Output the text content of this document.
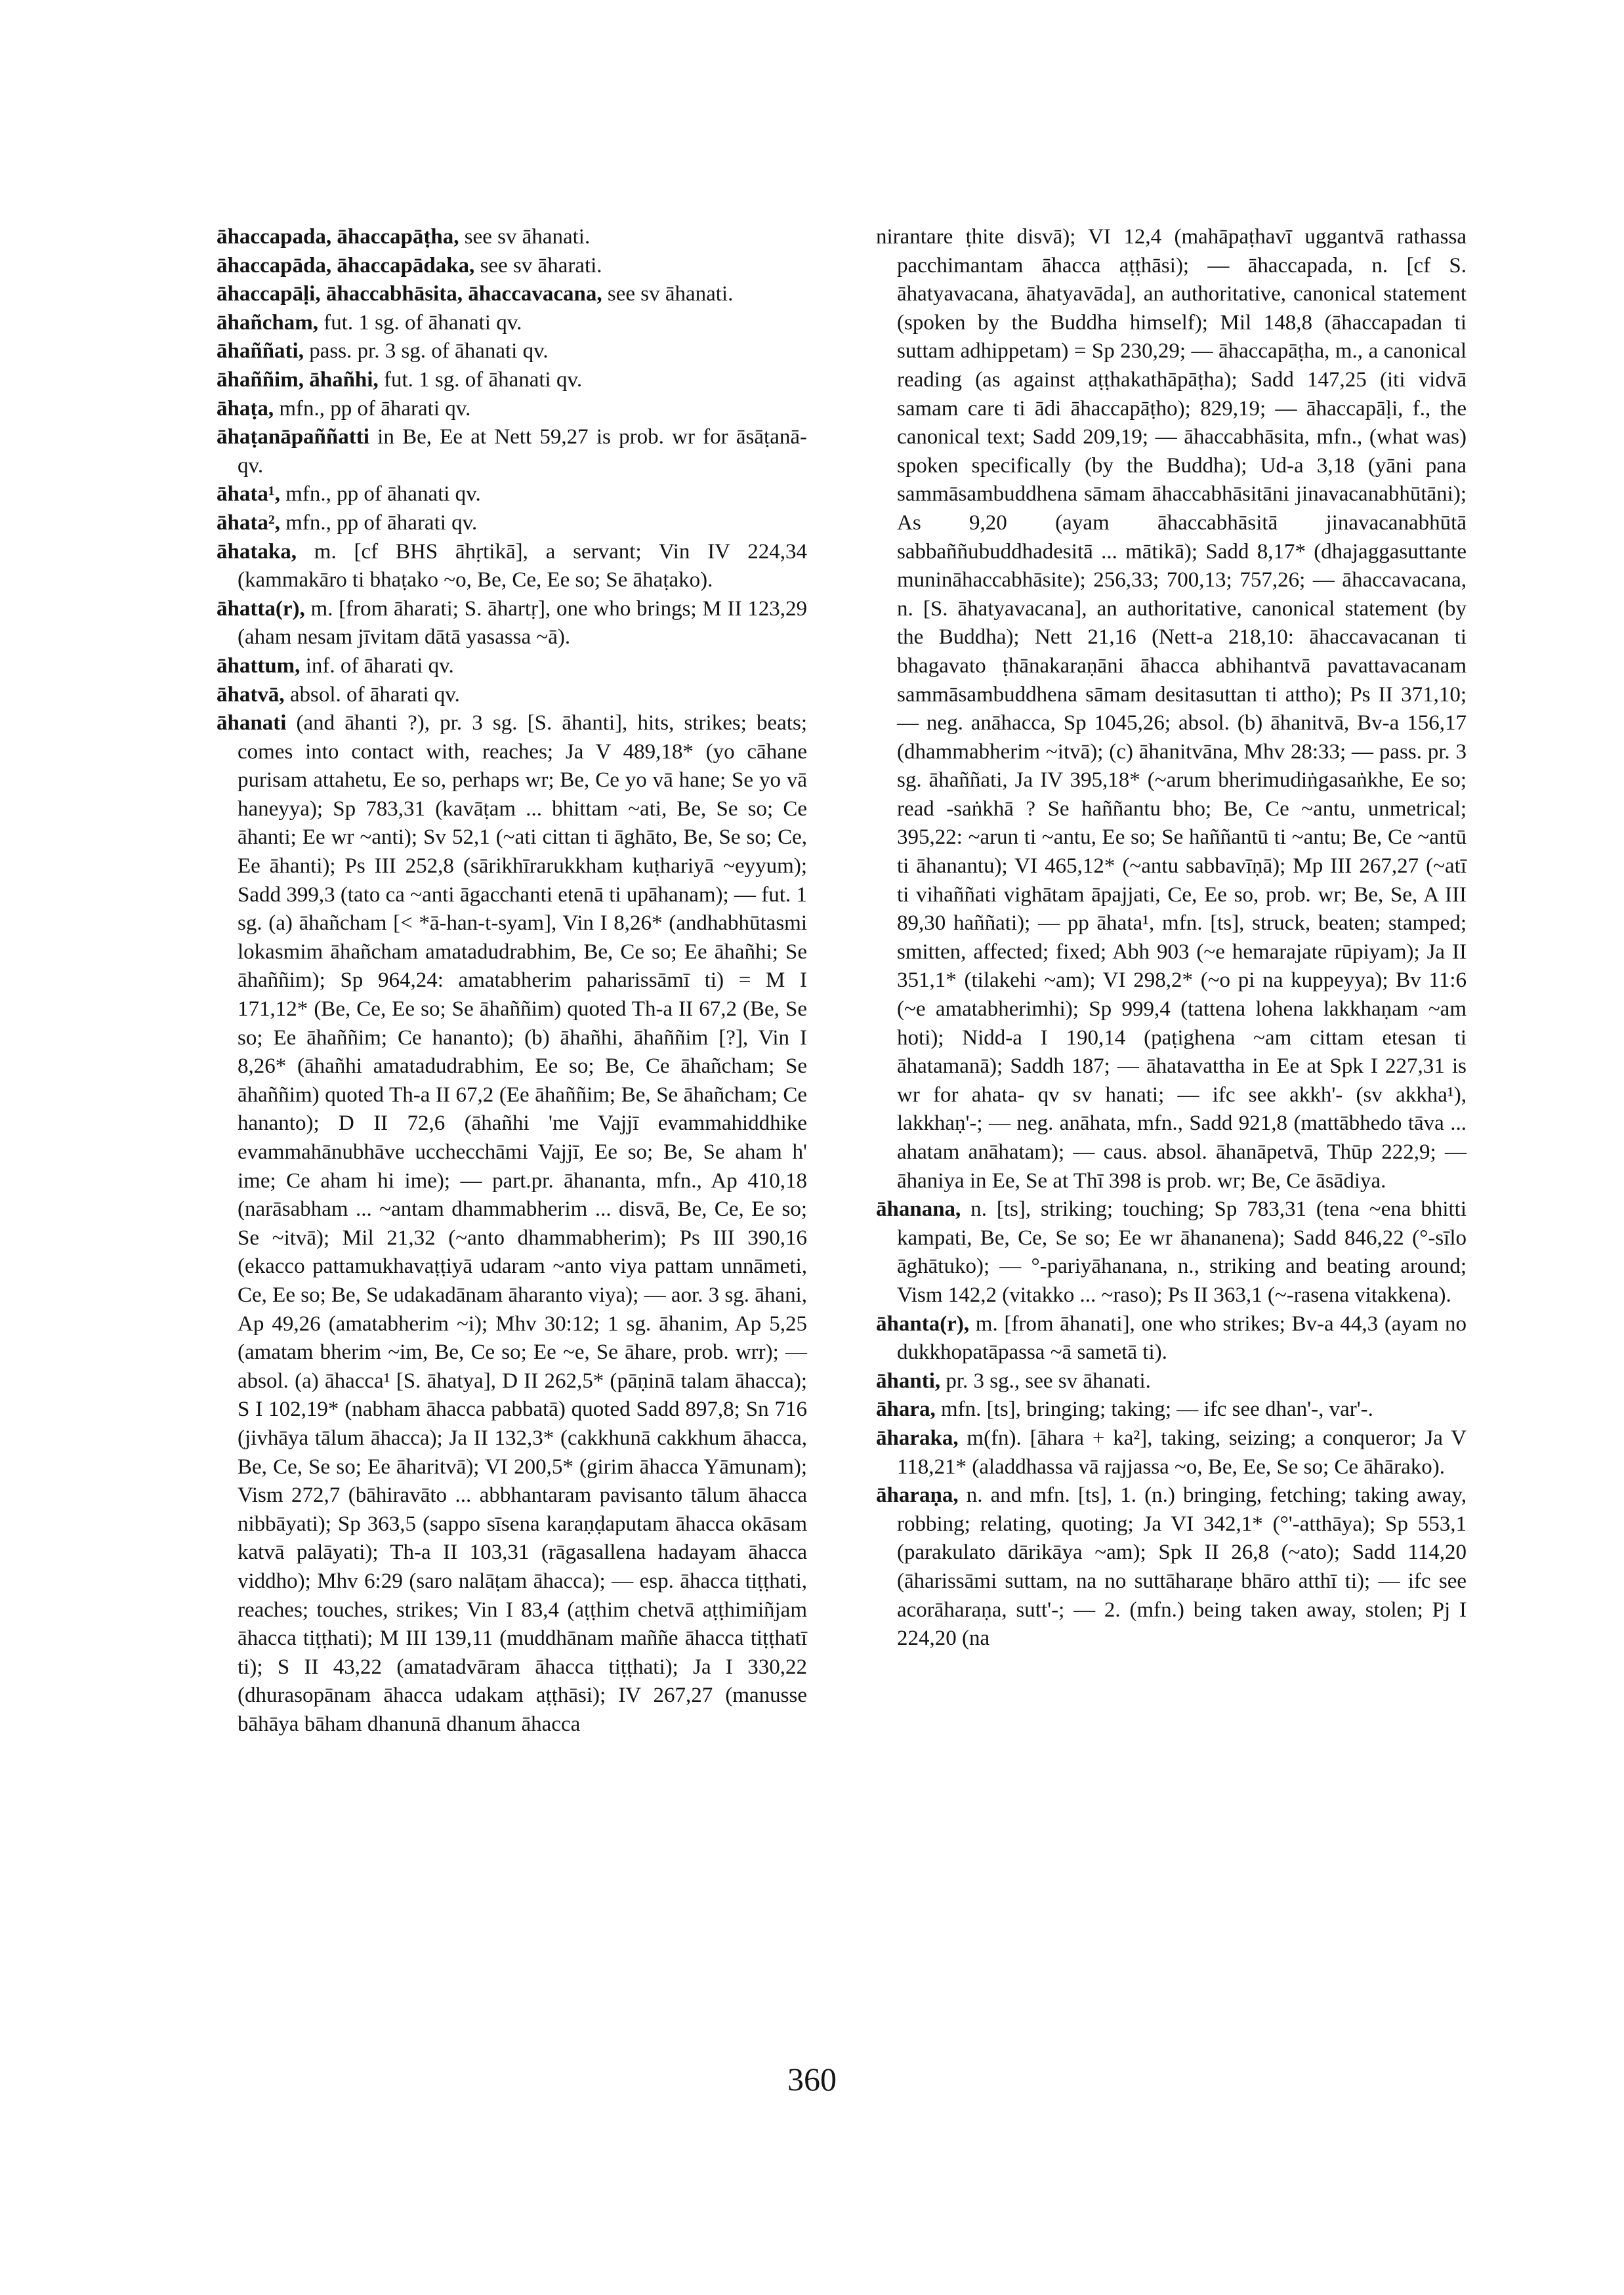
āhaccapada, āhaccapāṭha, see sv āhanati.

āhaccapāda, āhaccapādaka, see sv āharati.

āhaccapāḷi, āhaccabhāsita, āhaccavacana, see sv āhanati.

āhañcham, fut. 1 sg. of āhanati qv.

āhaññati, pass. pr. 3 sg. of āhanati qv.

āhaññim, āhañhi, fut. 1 sg. of āhanati qv.

āhaṭa, mfn., pp of āharati qv.

āhaṭanāpaññatti in Be, Ee at Nett 59,27 is prob. wr for āsāṭanā- qv.

āhata¹, mfn., pp of āhanati qv.

āhata², mfn., pp of āharati qv.

āhataka, m. [cf BHS āhṛtikā], a servant; Vin IV 224,34 (kammakāro ti bhaṭako ~o, Be, Ce, Ee so; Se āhaṭako).

āhatta(r), m. [from āharati; S. āhartṛ], one who brings; M II 123,29 (aham nesam jīvitam dātā yasassa ~ā).

āhattum, inf. of āharati qv.

āhatvā, absol. of āharati qv.

āhanati (and āhanti ?), pr. 3 sg. [S. āhanti], hits, strikes; beats; comes into contact with, reaches; Ja V 489,18* (yo cāhane purisam attahetu, Ee so, perhaps wr; Be, Ce yo vā hane; Se yo vā haneyya); Sp 783,31 (kavāṭam ... bhittam ~ati, Be, Se so; Ce āhanti; Ee wr ~anti); Sv 52,1 (~ati cittan ti āghāto, Be, Se so; Ce, Ee āhanti); Ps III 252,8 (sārikhīrarukkham kuṭhariyā ~eyyum); Sadd 399,3 (tato ca ~anti āgacchanti etenā ti upāhanam); — fut. 1 sg. (a) āhañcham [< *ā-han-t-syam], Vin I 8,26* (andhabhūtasmi lokasmim āhañcham amatadudrabhim, Be, Ce so; Ee āhañhi; Se āhaññim); Sp 964,24: amatabherim paharissāmī ti) = M I 171,12* (Be, Ce, Ee so; Se āhaññim) quoted Th-a II 67,2 (Be, Se so; Ee āhaññim; Ce hananto); (b) āhañhi, āhaññim [?], Vin I 8,26* (āhañhi amatadudrabhim, Ee so; Be, Ce āhañcham; Se āhaññim) quoted Th-a II 67,2 (Ee āhaññim; Be, Se āhañcham; Ce hananto); D II 72,6 (āhañhi 'me Vajjī evammahiddhike evammahānubhāve ucchecchāmi Vajjī, Ee so; Be, Se aham h' ime; Ce aham hi ime); — part.pr. āhananta, mfn., Ap 410,18 (narāsabham ... ~antam dhammabherim ... disvā, Be, Ce, Ee so; Se ~itvā); Mil 21,32 (~anto dhammabherim); Ps III 390,16 (ekacco pattamukhavaṭṭiyā udaram ~anto viya pattam unnāmeti, Ce, Ee so; Be, Se udakadānam āharanto viya); — aor. 3 sg. āhani, Ap 49,26 (amatabherim ~i); Mhv 30:12; 1 sg. āhanim, Ap 5,25 (amatam bherim ~im, Be, Ce so; Ee ~e, Se āhare, prob. wrr); — absol. (a) āhacca¹ [S. āhatya], D II 262,5* (pāṇinā talam āhacca); S I 102,19* (nabham āhacca pabbatā) quoted Sadd 897,8; Sn 716 (jivhāya tālum āhacca); Ja II 132,3* (cakkhunā cakkhum āhacca, Be, Ce, Se so; Ee āharitvā); VI 200,5* (girim āhacca Yāmunam); Vism 272,7 (bāhiravāto ... abbhantaram pavisanto tālum āhacca nibbāyati); Sp 363,5 (sappo sīsena karaṇḍaputam āhacca okāsam katvā palāyati); Th-a II 103,31 (rāgasallena hadayam āhacca viddho); Mhv 6:29 (saro nalāṭam āhacca); — esp. āhacca tiṭṭhati, reaches; touches, strikes; Vin I 83,4 (aṭṭhim chetvā aṭṭhimiñjam āhacca tiṭṭhati); M III 139,11 (muddhānam maññe āhacca tiṭṭhatī ti); S II 43,22 (amatadvāram āhacca tiṭṭhati); Ja I 330,22 (dhurasopānam āhacca udakam aṭṭhāsi); IV 267,27 (manusse bāhāya bāham dhanunā dhanum āhacca

nirantare ṭhite disvā); VI 12,4 (mahāpaṭhavī uggantvā rathassa pacchimantam āhacca aṭṭhāsi); — āhaccapada, n. [cf S. āhatyavacana, āhatyavāda], an authoritative, canonical statement (spoken by the Buddha himself); Mil 148,8 (āhaccapadan ti suttam adhippetam) = Sp 230,29; — āhaccapāṭha, m., a canonical reading (as against aṭṭhakathāpāṭha); Sadd 147,25 (iti vidvā samam care ti ādi āhaccapāṭho); 829,19; — āhaccapāḷi, f., the canonical text; Sadd 209,19; — āhaccabhāsita, mfn., (what was) spoken specifically (by the Buddha); Ud-a 3,18 (yāni pana sammāsambuddhena sāmam āhaccabhāsitāni jinavacanabhūtāni); As 9,20 (ayam āhaccabhāsitā jinavacanabhūtā sabbaññubuddhadesitā ... mātikā); Sadd 8,17* (dhajaggasuttante munināhaccabhāsite); 256,33; 700,13; 757,26; — āhaccavacana, n. [S. āhatyavacana], an authoritative, canonical statement (by the Buddha); Nett 21,16 (Nett-a 218,10: āhaccavacanan ti bhagavato ṭhānakaraṇāni āhacca abhihantvā pavattavacanam sammāsambuddhena sāmam desitasuttan ti attho); Ps II 371,10; — neg. anāhacca, Sp 1045,26; absol. (b) āhanitvā, Bv-a 156,17 (dhammabherim ~itvā); (c) āhanitvāna, Mhv 28:33; — pass. pr. 3 sg. āhaññati, Ja IV 395,18* (~arum bherimudiṅgasaṅkhe, Ee so; read -saṅkhā ? Se haññantu bho; Be, Ce ~antu, unmetrical; 395,22: ~arun ti ~antu, Ee so; Se haññantū ti ~antu; Be, Ce ~antū ti āhanantu); VI 465,12* (~antu sabbavīṇā); Mp III 267,27 (~atī ti vihaññati vighātam āpajjati, Ce, Ee so, prob. wr; Be, Se, A III 89,30 haññati); — pp āhata¹, mfn. [ts], struck, beaten; stamped; smitten, affected; fixed; Abh 903 (~e hemarajate rūpiyam); Ja II 351,1* (tilakehi ~am); VI 298,2* (~o pi na kuppeyya); Bv 11:6 (~e amatabherimhi); Sp 999,4 (tattena lohena lakkhaṇam ~am hoti); Nidd-a I 190,14 (paṭighena ~am cittam etesan ti āhatamanā); Saddh 187; — āhatavattha in Ee at Spk I 227,31 is wr for ahata- qv sv hanati; — ifc see akkh'- (sv akkha¹), lakkhaṇ'-; — neg. anāhata, mfn., Sadd 921,8 (mattābhedo tāva ... ahatam anāhatam); — caus. absol. āhanāpetvā, Thūp 222,9; — āhaniya in Ee, Se at Thī 398 is prob. wr; Be, Ce āsādiya.

āhanana, n. [ts], striking; touching; Sp 783,31 (tena ~ena bhitti kampati, Be, Ce, Se so; Ee wr āhananena); Sadd 846,22 (°-sīlo āghātuko); — °-pariyāhanana, n., striking and beating around; Vism 142,2 (vitakko ... ~raso); Ps II 363,1 (~-rasena vitakkena).

āhanta(r), m. [from āhanati], one who strikes; Bv-a 44,3 (ayam no dukkhopatāpassa ~ā sametā ti).

āhanti, pr. 3 sg., see sv āhanati.

āhara, mfn. [ts], bringing; taking; — ifc see dhan'-, var'-.

āharaka, m(fn). [āhara + ka²], taking, seizing; a conqueror; Ja V 118,21* (aladdhassa vā rajjassa ~o, Be, Ee, Se so; Ce āhārako).

āharaṇa, n. and mfn. [ts], 1. (n.) bringing, fetching; taking away, robbing; relating, quoting; Ja VI 342,1* (°'-atthāya); Sp 553,1 (parakulato dārikāya ~am); Spk II 26,8 (~ato); Sadd 114,20 (āharissāmi suttam, na no suttāharaṇe bhāro atthī ti); — ifc see acorāharaṇa, sutt'-; — 2. (mfn.) being taken away, stolen; Pj I 224,20 (na

360
